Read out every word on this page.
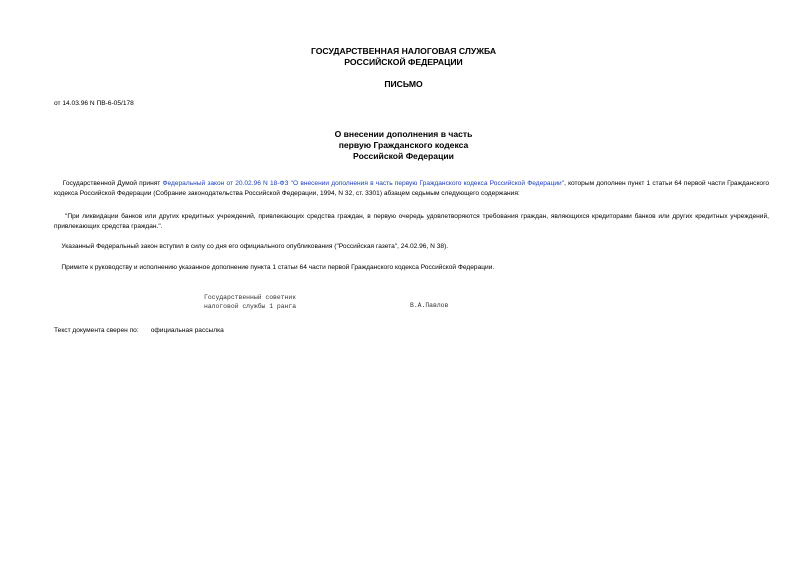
ГОСУДАРСТВЕННАЯ НАЛОГОВАЯ СЛУЖБА
РОССИЙСКОЙ ФЕДЕРАЦИИ
ПИСЬМО
от 14.03.96 N ПВ-6-05/178
О внесении дополнения в часть
первую Гражданского кодекса
Российской Федерации
Государственной Думой принят Федеральный закон от 20.02.96 N 18-ФЗ "О внесении дополнения в часть первую Гражданского кодекса Российской Федерации", которым дополнен пункт 1 статьи 64 первой части Гражданского кодекса Российской Федерации (Собрание законодательства Российской Федерации, 1994, N 32, ст. 3301) абзацем седьмым следующего содержания:
"При ликвидации банков или других кредитных учреждений, привлекающих средства граждан, в первую очередь удовлетворяются требования граждан, являющихся кредиторами банков или других кредитных учреждений, привлекающих средства граждан.".
Указанный Федеральный закон вступил в силу со дня его официального опубликования ("Российская газета", 24.02.96, N 38).
Примите к руководству и исполнению указанное дополнение пункта 1 статьи 64 части первой Гражданского кодекса Российской Федерации.
Государственный советник
налоговой службы 1 ранга	В.А.Павлов
Текст документа сверен по: официальная рассылка
